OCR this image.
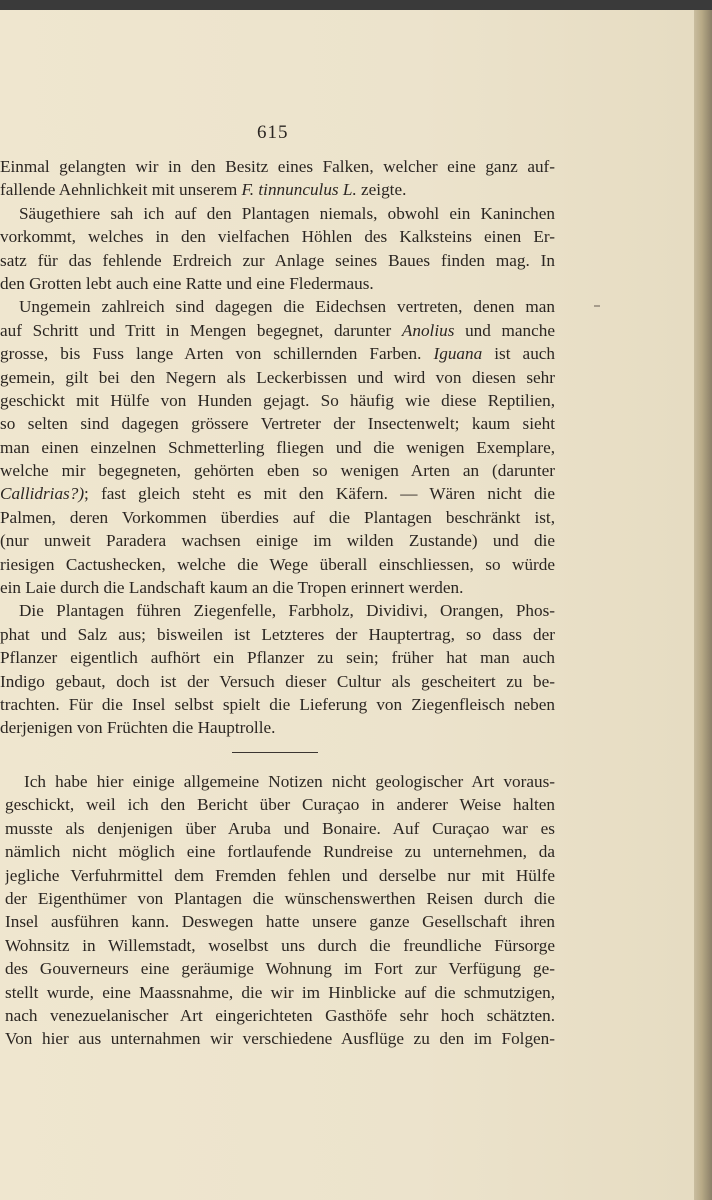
615
Einmal gelangten wir in den Besitz eines Falken, welcher eine ganz auf-
fallende Aehnlichkeit mit unserem F. tinnunculus L. zeigte.
Säugethiere sah ich auf den Plantagen niemals, obwohl ein Kaninchen
vorkommt, welches in den vielfachen Höhlen des Kalksteins einen Er-
satz für das fehlende Erdreich zur Anlage seines Baues finden mag. In
den Grotten lebt auch eine Ratte und eine Fledermaus.
Ungemein zahlreich sind dagegen die Eidechsen vertreten, denen man
auf Schritt und Tritt in Mengen begegnet, darunter Anolius und manche
grosse, bis Fuss lange Arten von schillernden Farben. Iguana ist auch
gemein, gilt bei den Negern als Leckerbissen und wird von diesen sehr
geschickt mit Hülfe von Hunden gejagt. So häufig wie diese Reptilien,
so selten sind dagegen grössere Vertreter der Insectenwelt; kaum sieht
man einen einzelnen Schmetterling fliegen und die wenigen Exemplare,
welche mir begegneten, gehörten eben so wenigen Arten an (darunter
Callidrias?); fast gleich steht es mit den Käfern. — Wären nicht die
Palmen, deren Vorkommen überdies auf die Plantagen beschränkt ist,
(nur unweit Paradera wachsen einige im wilden Zustande) und die
riesigen Cactushecken, welche die Wege überall einschliessen, so würde
ein Laie durch die Landschaft kaum an die Tropen erinnert werden.
Die Plantagen führen Ziegenfelle, Farbholz, Dividivi, Orangen, Phos-
phat und Salz aus; bisweilen ist Letzteres der Hauptertrag, so dass der
Pflanzer eigentlich aufhört ein Pflanzer zu sein; früher hat man auch
Indigo gebaut, doch ist der Versuch dieser Cultur als gescheitert zu be-
trachten. Für die Insel selbst spielt die Lieferung von Ziegenfleisch neben
derjenigen von Früchten die Hauptrolle.
Ich habe hier einige allgemeine Notizen nicht geologischer Art voraus-
geschickt, weil ich den Bericht über Curaçao in anderer Weise halten
musste als denjenigen über Aruba und Bonaire. Auf Curaçao war es
nämlich nicht möglich eine fortlaufende Rundreise zu unternehmen, da
jegliche Verfuhrmittel dem Fremden fehlen und derselbe nur mit Hülfe
der Eigenthümer von Plantagen die wünschenswerthen Reisen durch die
Insel ausführen kann. Deswegen hatte unsere ganze Gesellschaft ihren
Wohnsitz in Willemstadt, woselbst uns durch die freundliche Fürsorge
des Gouverneurs eine geräumige Wohnung im Fort zur Verfügung ge-
stellt wurde, eine Maassnahme, die wir im Hinblicke auf die schmutzigen,
nach venezuelanischer Art eingerichteten Gasthöfe sehr hoch schätzten.
Von hier aus unternahmen wir verschiedene Ausflüge zu den im Folgen-
